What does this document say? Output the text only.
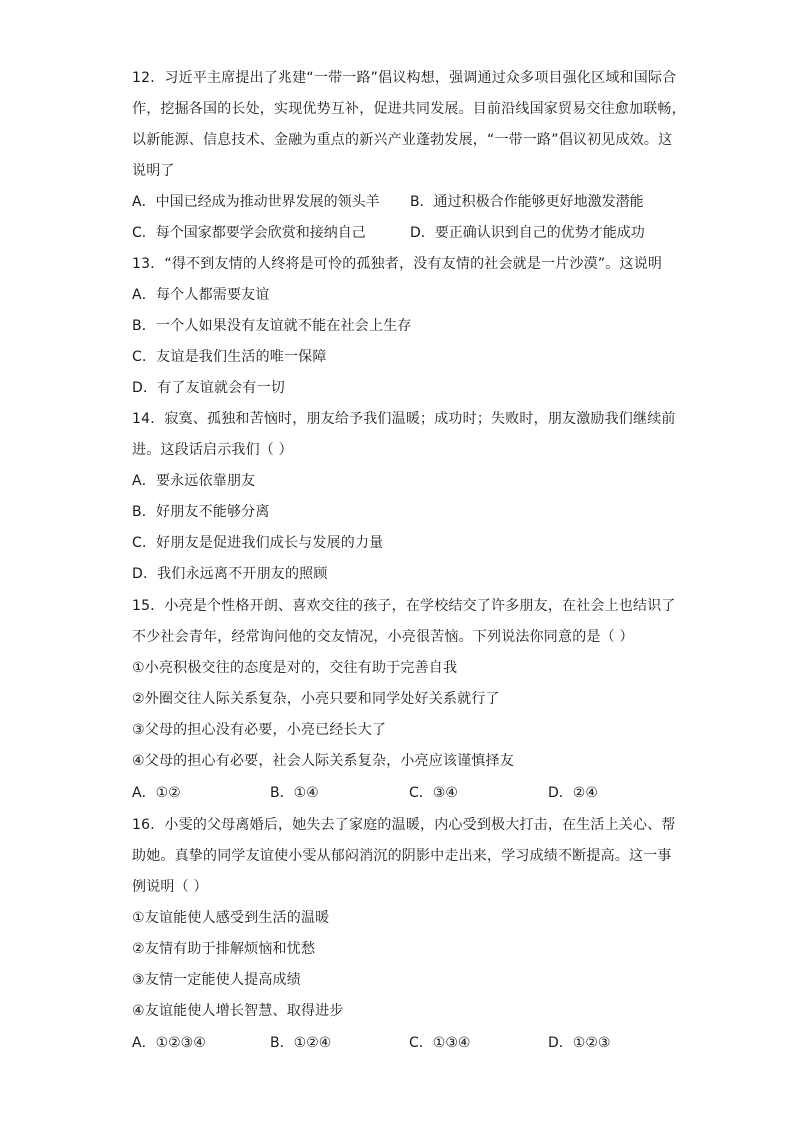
12．习近平主席提出了兆建“一带一路”倡议构想，强调通过众多项目强化区域和国际合
作，挖掘各国的长处，实现优势互补，促进共同发展。目前沿线国家贸易交往愈加联畅，
以新能源、信息技术、金融为重点的新兴产业蓬勃发展，“一带一路”倡议初见成效。这
说明了
A．中国已经成为推动世界发展的领头羊 B．通过积极合作能够更好地激发潜能
C．每个国家都要学会欣赏和接纳自己	D．要正确认识到自己的优势才能成功
13．“得不到友情的人终将是可怜的孤独者，没有友情的社会就是一片沙漠”。这说明
A．每个人都需要友谊
B．一个人如果没有友谊就不能在社会上生存
C．友谊是我们生活的唯一保障
D．有了友谊就会有一切
14．寂寞、孤独和苦恼时，朋友给予我们温暖；成功时；失败时，朋友激励我们继续前
进。这段话启示我们（ ）
A．要永远依靠朋友
B．好朋友不能够分离
C．好朋友是促进我们成长与发展的力量
D．我们永远离不开朋友的照顾
15．小亮是个性格开朗、喜欢交往的孩子，在学校结交了许多朋友，在社会上也结识了
不少社会青年，经常询问他的交友情况，小亮很苦恼。下列说法你同意的是（ ）
①小亮积极交往的态度是对的，交往有助于完善自我
②外圈交往人际关系复杂，小亮只要和同学处好关系就行了
③父母的担心没有必要，小亮已经长大了
④父母的担心有必要，社会人际关系复杂，小亮应该谨慎择友
A．①②	B．①④	C．③④	D．②④
16．小雯的父母离婚后，她失去了家庭的温暖，内心受到极大打击，在生活上关心、帮
助她。真挚的同学友谊使小雯从郁闷消沉的阴影中走出来，学习成绩不断提高。这一事
例说明（ ）
①友谊能使人感受到生活的温暖
②友情有助于排解烦恼和忧愁
③友情一定能使人提高成绩
④友谊能使人增长智慧、取得进步
A．①②③④	B．①②④	C．①③④	D．①②③
